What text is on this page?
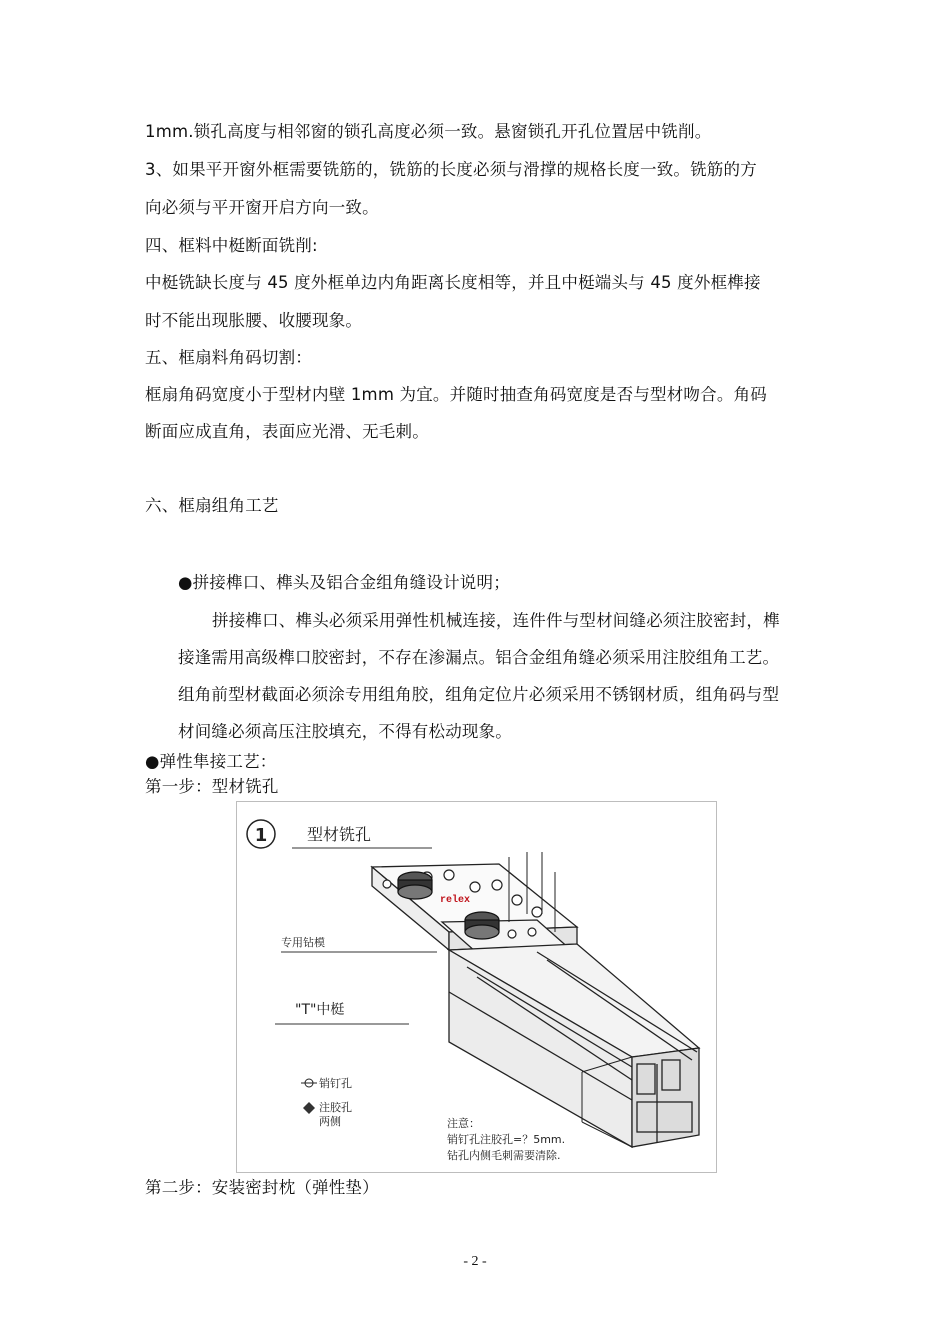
1mm.锁孔高度与相邻窗的锁孔高度必须一致。悬窗锁孔开孔位置居中铣削。
3、如果平开窗外框需要铣筋的，铣筋的长度必须与滑撑的规格长度一致。铣筋的方
向必须与平开窗开启方向一致。
四、框料中梃断面铣削:
中梃铣缺长度与 45 度外框单边内角距离长度相等，并且中梃端头与 45 度外框榫接
时不能出现胀腰、收腰现象。
五、框扇料角码切割：
框扇角码宽度小于型材内壁 1mm 为宜。并随时抽查角码宽度是否与型材吻合。角码
断面应成直角，表面应光滑、无毛刺。
六、框扇组角工艺
●拼接榫口、榫头及铝合金组角缝设计说明；
拼接榫口、榫头必须采用弹性机械连接，连件件与型材间缝必须注胶密封，榫
接逢需用高级榫口胶密封，不存在渗漏点。铝合金组角缝必须采用注胶组角工艺。
组角前型材截面必须涂专用组角胶，组角定位片必须采用不锈钢材质，组角码与型
材间缝必须高压注胶填充，不得有松动现象。
●弹性隼接工艺：
第一步：型材铣孔
1 型材铣孔
relex
专用钻模
"T"中梃
销钉孔
注胶孔
两侧	注意：
销钉孔注胶孔=？5mm.
钻孔内侧毛刺需要清除.
第二步：安装密封枕（弹性垫）
- 2 -
